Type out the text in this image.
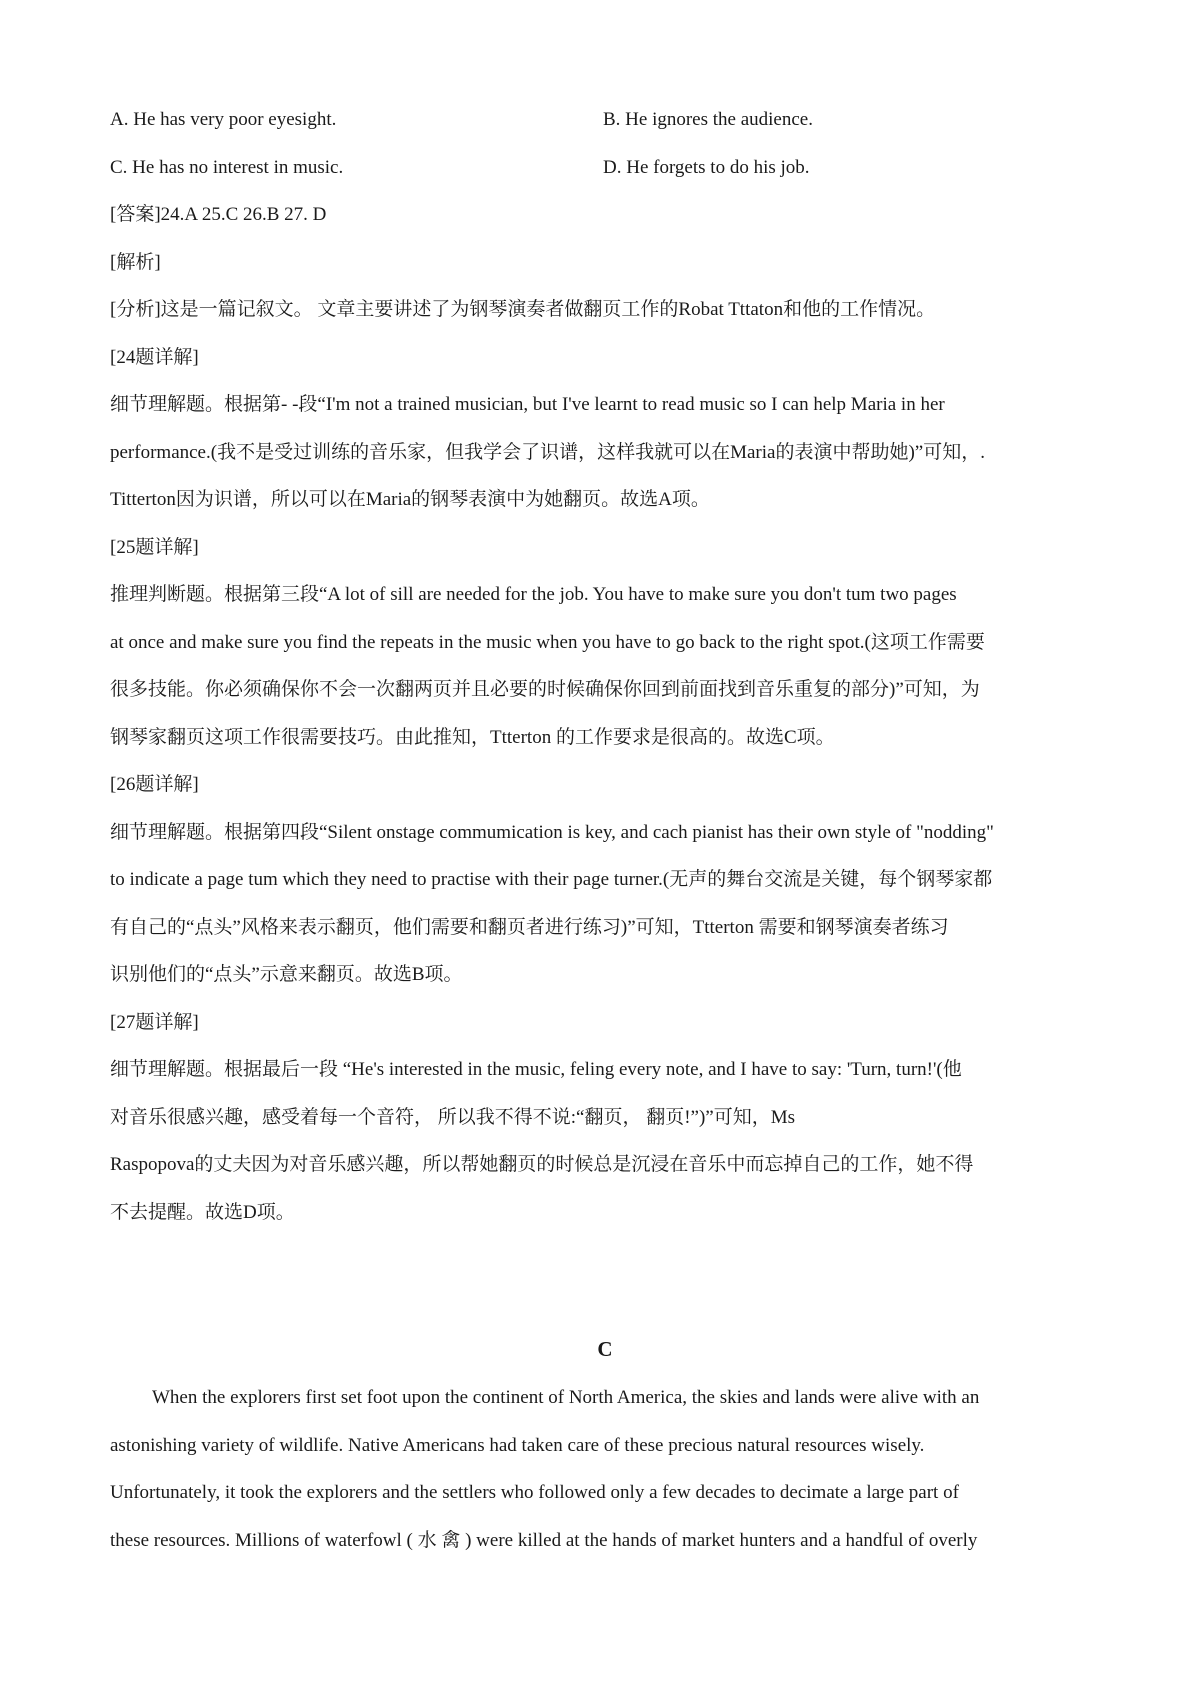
A. He has very poor eyesight.	B. He ignores the audience.
C. He has no interest in music.	D. He forgets to do his job.
[答案]24.A 25.C 26.B 27. D
[解析]
[分析]这是一篇记叙文。 文章主要讲述了为钢琴演奏者做翻页工作的Robat Tttaton和他的工作情况。
[24题详解]
细节理解题。根据第- -段“I'm not a trained musician, but I've learnt to read music so I can help Maria in her
performance.(我不是受过训练的音乐家，但我学会了识谱，这样我就可以在Maria的表演中帮助她)”可知，.
Titterton因为识谱，所以可以在Maria的钢琴表演中为她翻页。故选A项。
[25题详解]
推理判断题。根据第三段“A lot of sill are needed for the job. You have to make sure you don't tum two pages
at once and make sure you find the repeats in the music when you have to go back to the right spot.(这项工作需要
很多技能。你必须确保你不会一次翻两页并且必要的时候确保你回到前面找到音乐重复的部分)”可知，为
钢琴家翻页这项工作很需要技巧。由此推知，Ttterton 的工作要求是很高的。故选C项。
[26题详解]
细节理解题。根据第四段“Silent onstage commumication is key, and cach pianist has their own style of "nodding"
to indicate a page tum which they need to practise with their page turner.(无声的舞台交流是关键，每个钢琴家都
有自己的“点头”风格来表示翻页，他们需要和翻页者进行练习)”可知，Ttterton 需要和钢琴演奏者练习
识别他们的“点头”示意来翻页。故选B项。
[27题详解]
细节理解题。根据最后一段 “He's interested in the music, feling every note, and I have to say: 'Turn, turn!'(他
对音乐很感兴趣，感受着每一个音符， 所以我不得不说:“翻页， 翻页!”)”可知，Ms
Raspopova的丈夫因为对音乐感兴趣，所以帮她翻页的时候总是沉浸在音乐中而忘掉自己的工作，她不得
不去提醒。故选D项。
C
When the explorers first set foot upon the continent of North America, the skies and lands were alive with an
astonishing variety of wildlife. Native Americans had taken care of these precious natural resources wisely.
Unfortunately, it took the explorers and the settlers who followed only a few decades to decimate a large part of
these resources. Millions of waterfowl ( 水 禽 ) were killed at the hands of market hunters and a handful of overly
